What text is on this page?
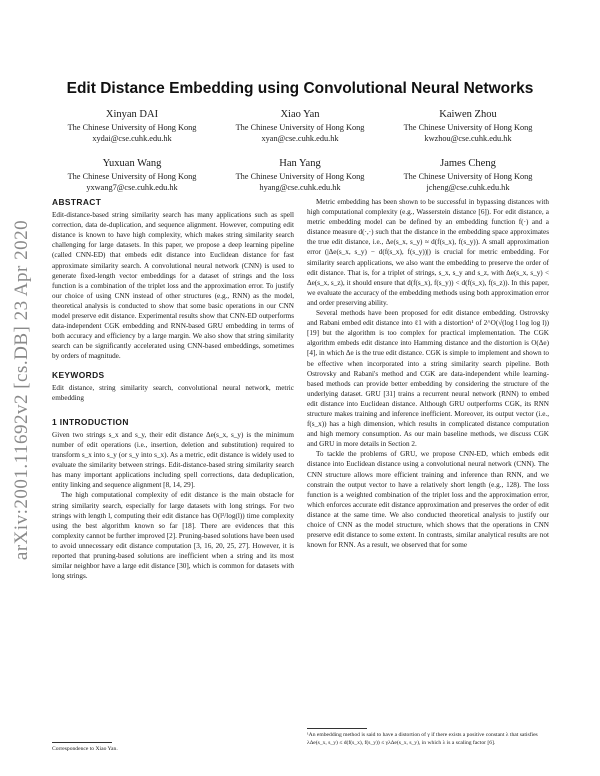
arXiv:2001.11692v2 [cs.DB] 23 Apr 2020
Edit Distance Embedding using Convolutional Neural Networks
Xinyan DAI
The Chinese University of Hong Kong
xydai@cse.cuhk.edu.hk
Xiao Yan
The Chinese University of Hong Kong
xyan@cse.cuhk.edu.hk
Kaiwen Zhou
The Chinese University of Hong Kong
kwzhou@cse.cuhk.edu.hk
Yuxuan Wang
The Chinese University of Hong Kong
yxwang7@cse.cuhk.edu.hk
Han Yang
The Chinese University of Hong Kong
hyang@cse.cuhk.edu.hk
James Cheng
The Chinese University of Hong Kong
jcheng@cse.cuhk.edu.hk
ABSTRACT

Edit-distance-based string similarity search has many applications such as spell correction, data de-duplication, and sequence alignment. However, computing edit distance is known to have high complexity, which makes string similarity search challenging for large datasets. In this paper, we propose a deep learning pipeline (called CNN-ED) that embeds edit distance into Euclidean distance for fast approximate similarity search. A convolutional neural network (CNN) is used to generate fixed-length vector embeddings for a dataset of strings and the loss function is a combination of the triplet loss and the approximation error. To justify our choice of using CNN instead of other structures (e.g., RNN) as the model, theoretical analysis is conducted to show that some basic operations in our CNN model preserve edit distance. Experimental results show that CNN-ED outperforms data-independent CGK embedding and RNN-based GRU embedding in terms of both accuracy and efficiency by a large margin. We also show that string similarity search can be significantly accelerated using CNN-based embeddings, sometimes by orders of magnitude.

KEYWORDS

Edit distance, string similarity search, convolutional neural network, metric embedding

1 INTRODUCTION

Given two strings s_x and s_y, their edit distance Δe(s_x, s_y) is the minimum number of edit operations (i.e., insertion, deletion and substitution) required to transform s_x into s_y (or s_y into s_x). As a metric, edit distance is widely used to evaluate the similarity between strings. Edit-distance-based string similarity search has many important applications including spell corrections, data deduplication, entity linking and sequence alignment [8, 14, 29].

The high computational complexity of edit distance is the main obstacle for string similarity search, especially for large datasets with long strings. For two strings with length l, computing their edit distance has O(l²/log(l)) time complexity using the best algorithm known so far [18]. There are evidences that this complexity cannot be further improved [2]. Pruning-based solutions have been used to avoid unnecessary edit distance computation [3, 16, 20, 25, 27]. However, it is reported that pruning-based solutions are inefficient when a string and its most similar neighbor have a large edit distance [30], which is common for datasets with long strings.

Metric embedding has been shown to be successful in bypassing distances with high computational complexity (e.g., Wasserstein distance [6]). For edit distance, a metric embedding model can be defined by an embedding function f(·) and a distance measure d(·,·) such that the distance in the embedding space approximates the true edit distance, i.e., Δe(s_x, s_y) ≈ d(f(s_x), f(s_y)). A small approximation error (|Δe(s_x, s_y) − d(f(s_x), f(s_y))|) is crucial for metric embedding. For similarity search applications, we also want the embedding to preserve the order of edit distance. That is, for a triplet of strings, s_x, s_y and s_z, with Δe(s_x, s_y) < Δe(s_x, s_z), it should ensure that d(f(s_x), f(s_y)) < d(f(s_x), f(s_z)). In this paper, we evaluate the accuracy of the embedding methods using both approximation error and order preserving ability.

Several methods have been proposed for edit distance embedding. Ostrovsky and Rabani embed edit distance into ℓ1 with a distortion¹ of 2^O(√(log l log log l)) [19] but the algorithm is too complex for practical implementation. The CGK algorithm embeds edit distance into Hamming distance and the distortion is O(Δe) [4], in which Δe is the true edit distance. CGK is simple to implement and shown to be effective when incorporated into a string similarity search pipeline. Both Ostrovsky and Rabani's method and CGK are data-independent while learning-based methods can provide better embedding by considering the structure of the underlying dataset. GRU [31] trains a recurrent neural network (RNN) to embed edit distance into Euclidean distance. Although GRU outperforms CGK, its RNN structure makes training and inference inefficient. Moreover, its output vector (i.e., f(s_x)) has a high dimension, which results in complicated distance computation and high memory consumption. As our main baseline methods, we discuss CGK and GRU in more details in Section 2.

To tackle the problems of GRU, we propose CNN-ED, which embeds edit distance into Euclidean distance using a convolutional neural network (CNN). The CNN structure allows more efficient training and inference than RNN, and we constrain the output vector to have a relatively short length (e.g., 128). The loss function is a weighted combination of the triplet loss and the approximation error, which enforces accurate edit distance approximation and preserves the order of edit distance at the same time. We also conducted theoretical analysis to justify our choice of CNN as the model structure, which shows that the operations in CNN preserve edit distance to some extent. In contrasts, similar analytical results are not known for RNN. As a result, we observed that for some

¹An embedding method is said to have a distortion of γ if there exists a positive constant λ that satisfies λΔe(s_x, s_y) ≤ d(f(s_x), f(s_y)) ≤ γλΔe(s_x, s_y), in which λ is a scaling factor [6].
Correspondence to Xiao Yan.
